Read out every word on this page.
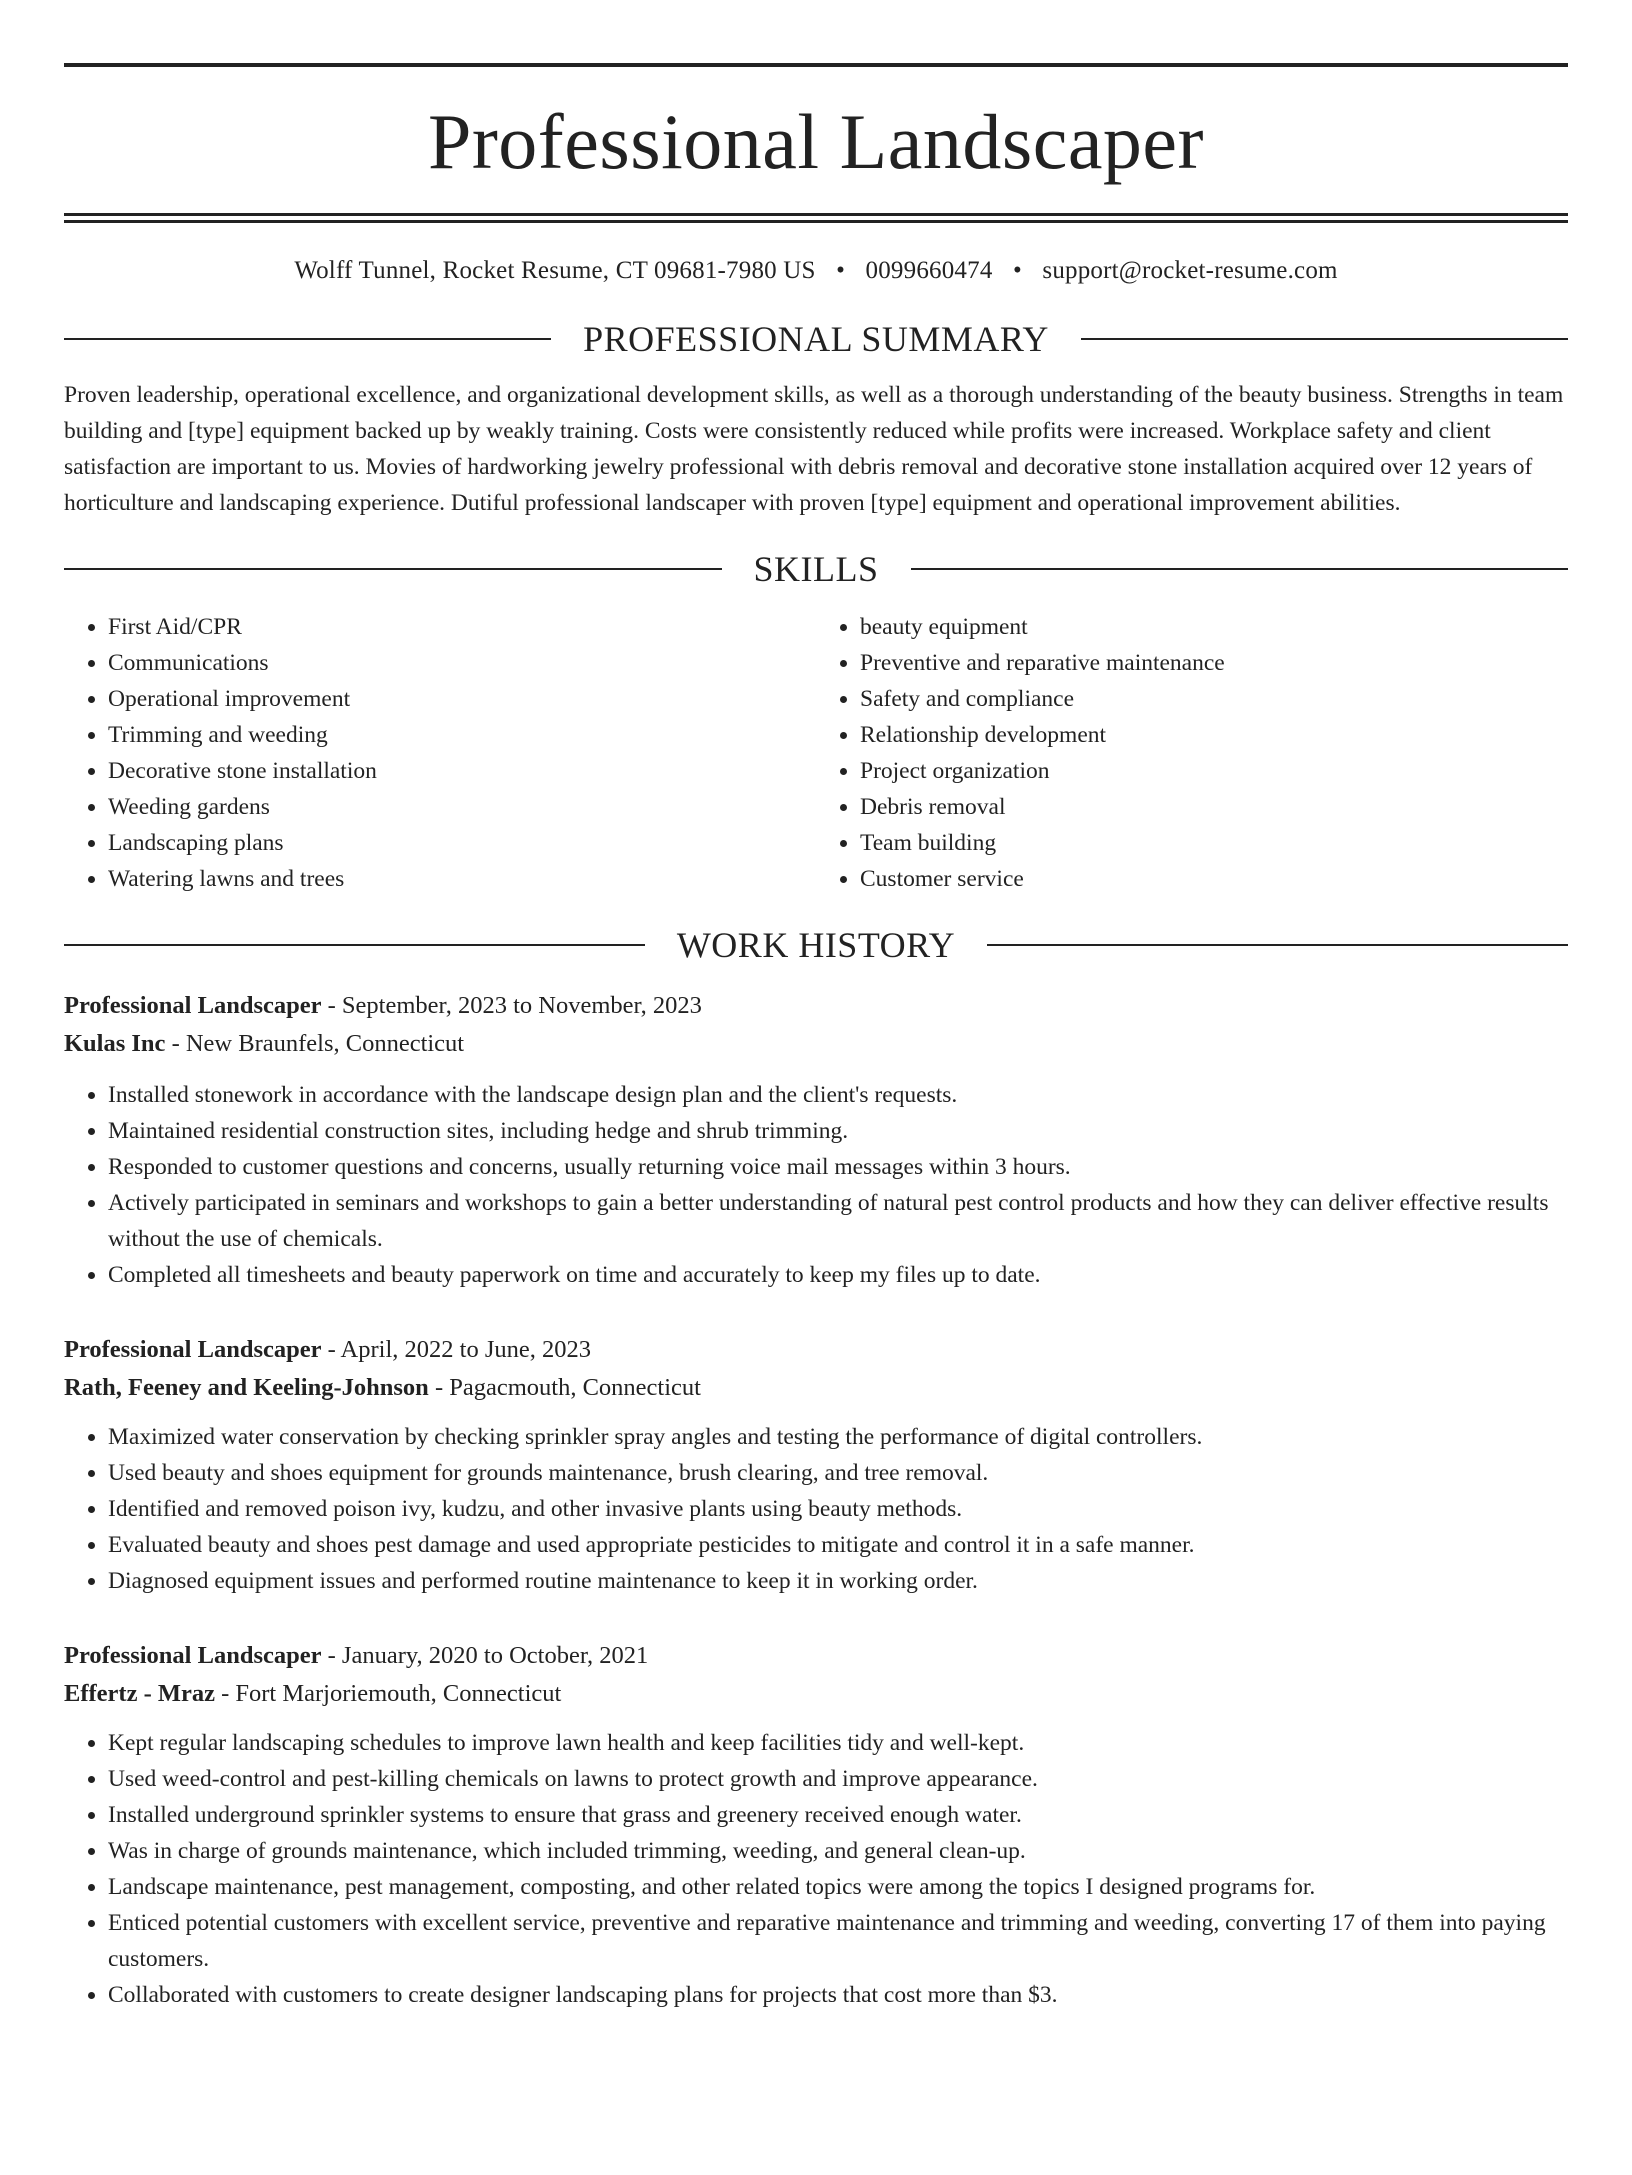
Professional Landscaper
Wolff Tunnel, Rocket Resume, CT 09681-7980 US • 0099660474 • support@rocket-resume.com
PROFESSIONAL SUMMARY

Proven leadership, operational excellence, and organizational development skills, as well as a thorough understanding of the beauty business. Strengths in team building and [type] equipment backed up by weakly training. Costs were consistently reduced while profits were increased. Workplace safety and client satisfaction are important to us. Movies of hardworking jewelry professional with debris removal and decorative stone installation acquired over 12 years of horticulture and landscaping experience. Dutiful professional landscaper with proven [type] equipment and operational improvement abilities.

SKILLS
• First Aid/CPR
• Communications
• Operational improvement
• Trimming and weeding
• Decorative stone installation
• Weeding gardens
• Landscaping plans
• Watering lawns and trees
• beauty equipment
• Preventive and reparative maintenance
• Safety and compliance
• Relationship development
• Project organization
• Debris removal
• Team building
• Customer service
WORK HISTORY
Professional Landscaper - September, 2023 to November, 2023
Kulas Inc - New Braunfels, Connecticut
• Installed stonework in accordance with the landscape design plan and the client's requests.
• Maintained residential construction sites, including hedge and shrub trimming.
• Responded to customer questions and concerns, usually returning voice mail messages within 3 hours.
• Actively participated in seminars and workshops to gain a better understanding of natural pest control products and how they can deliver effective results without the use of chemicals.
• Completed all timesheets and beauty paperwork on time and accurately to keep my files up to date.
Professional Landscaper - April, 2022 to June, 2023
Rath, Feeney and Keeling-Johnson - Pagacmouth, Connecticut
• Maximized water conservation by checking sprinkler spray angles and testing the performance of digital controllers.
• Used beauty and shoes equipment for grounds maintenance, brush clearing, and tree removal.
• Identified and removed poison ivy, kudzu, and other invasive plants using beauty methods.
• Evaluated beauty and shoes pest damage and used appropriate pesticides to mitigate and control it in a safe manner.
• Diagnosed equipment issues and performed routine maintenance to keep it in working order.
Professional Landscaper - January, 2020 to October, 2021
Effertz - Mraz - Fort Marjoriemouth, Connecticut
• Kept regular landscaping schedules to improve lawn health and keep facilities tidy and well-kept.
• Used weed-control and pest-killing chemicals on lawns to protect growth and improve appearance.
• Installed underground sprinkler systems to ensure that grass and greenery received enough water.
• Was in charge of grounds maintenance, which included trimming, weeding, and general clean-up.
• Landscape maintenance, pest management, composting, and other related topics were among the topics I designed programs for.
• Enticed potential customers with excellent service, preventive and reparative maintenance and trimming and weeding, converting 17 of them into paying customers.
• Collaborated with customers to create designer landscaping plans for projects that cost more than $3.
